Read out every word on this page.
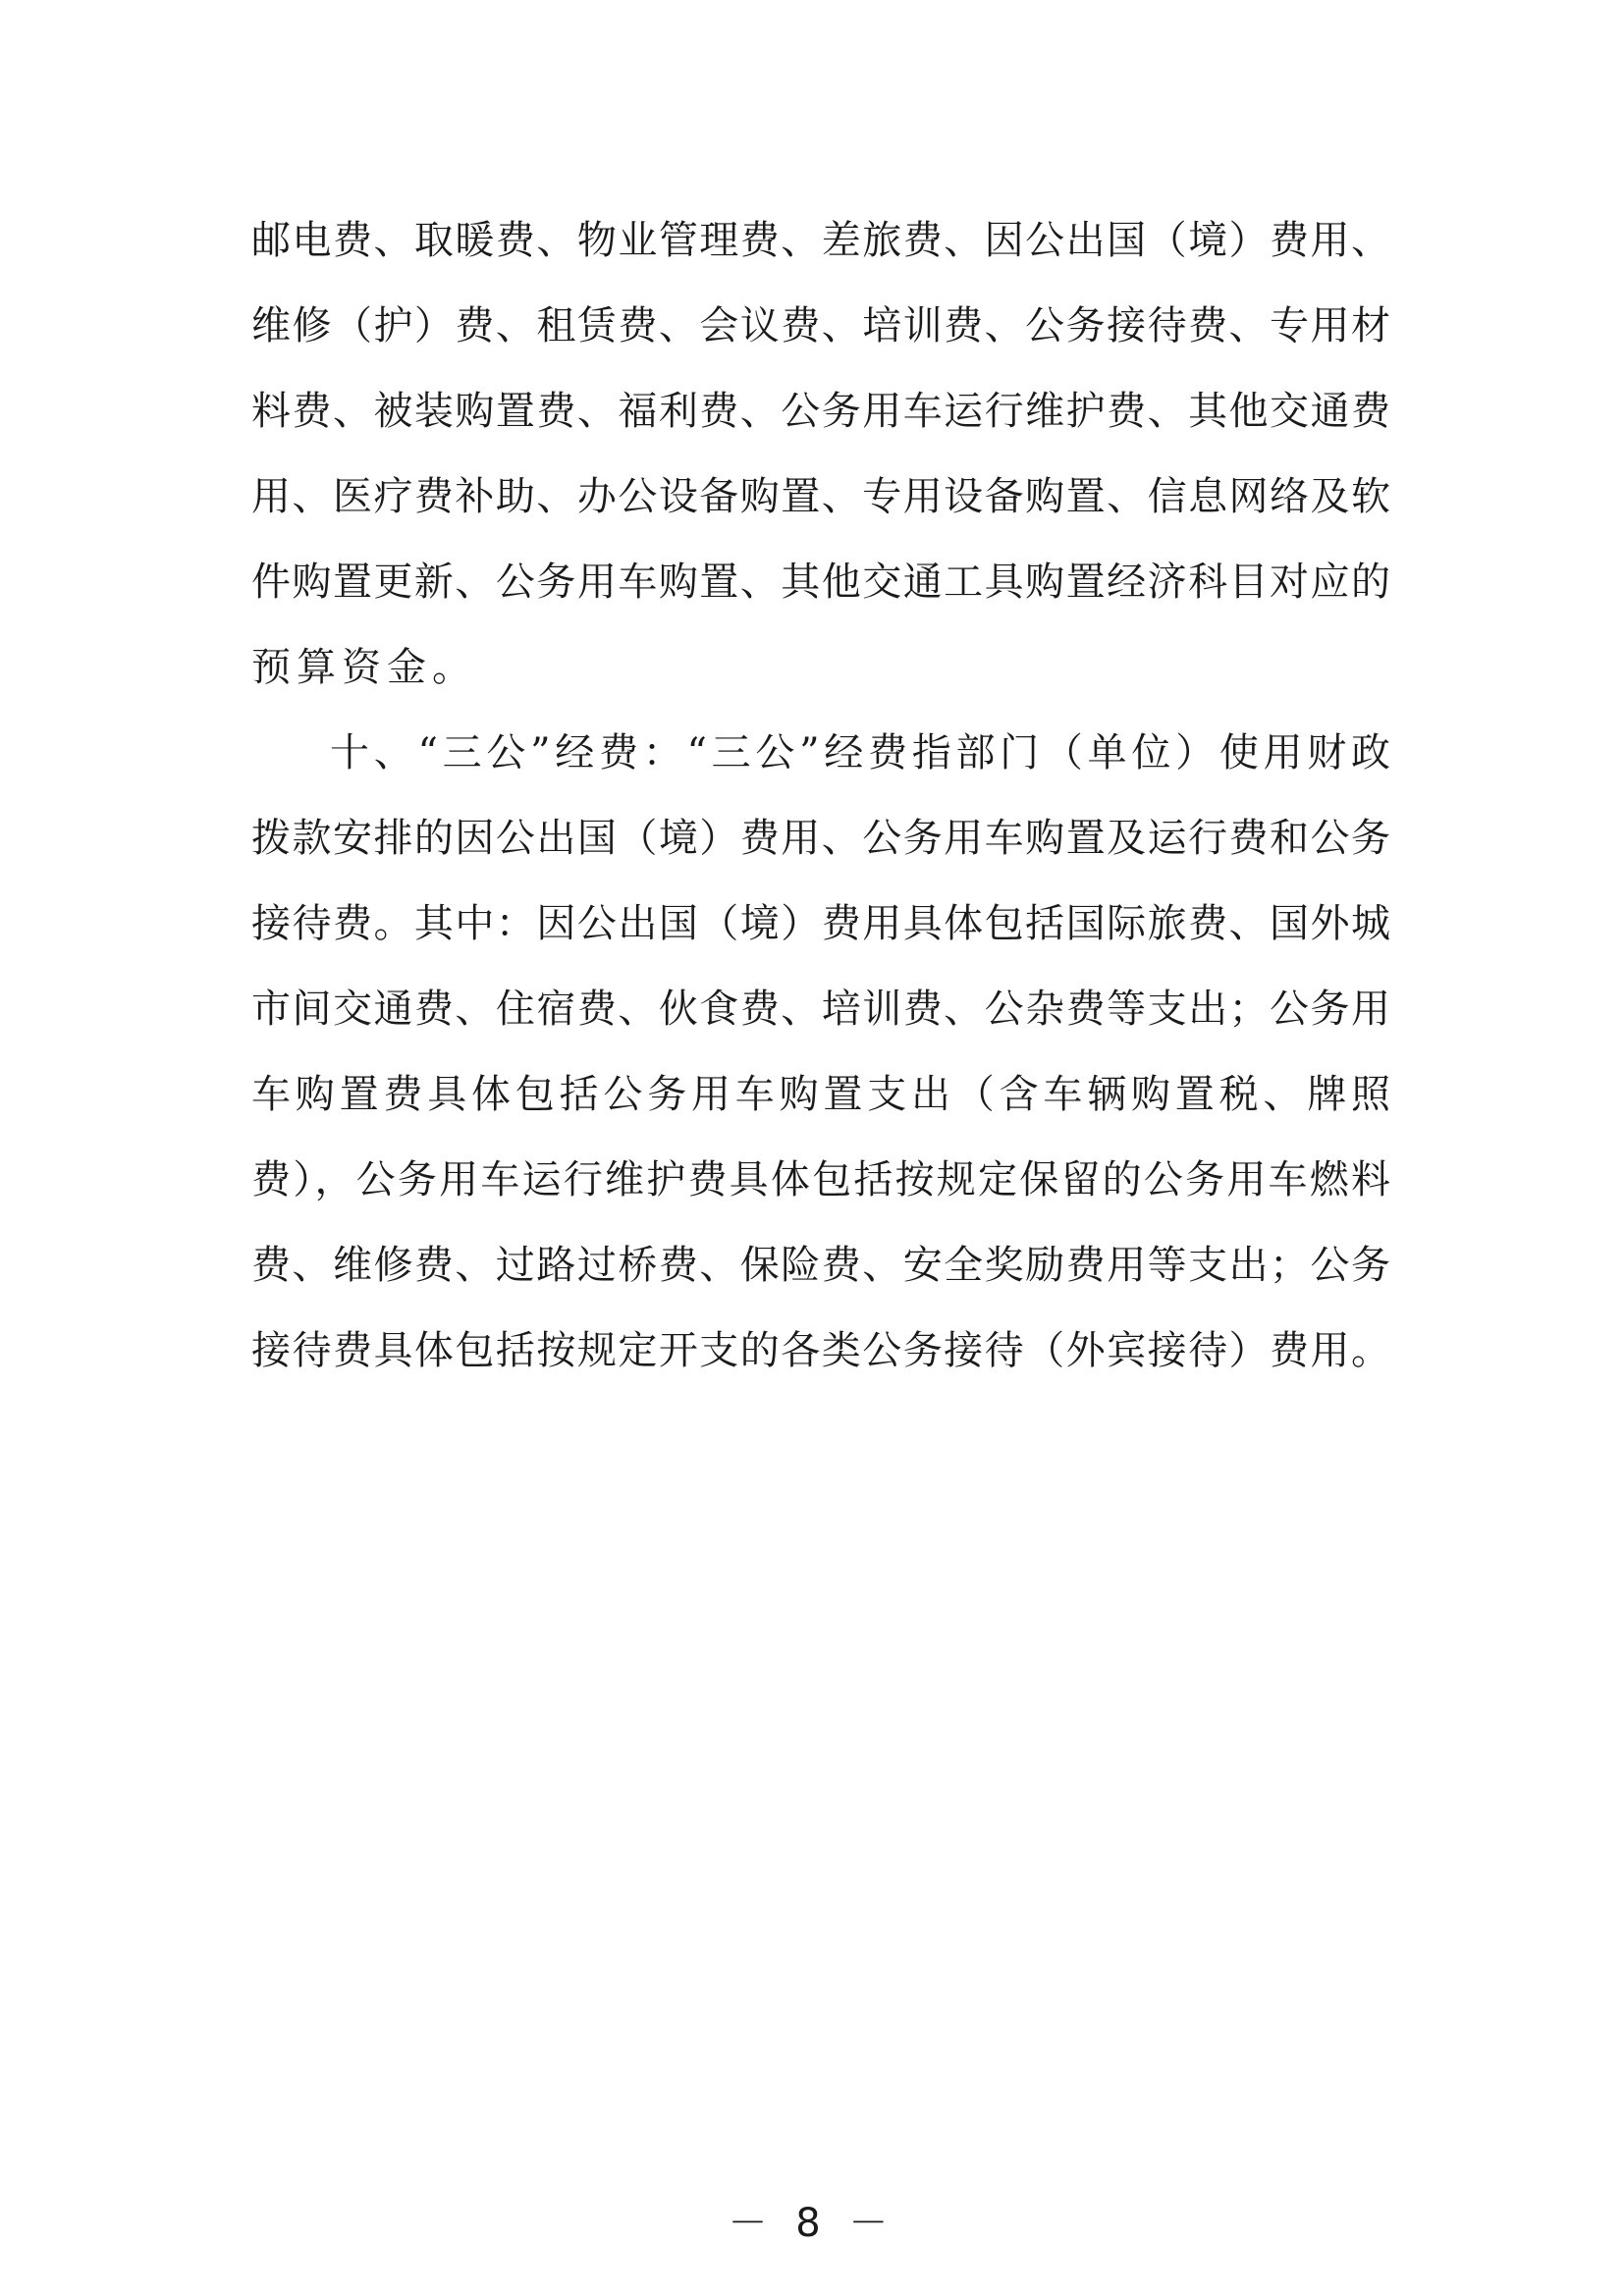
邮电费、取暖费、物业管理费、差旅费、因公出国（境）费用、
维修（护）费、租赁费、会议费、培训费、公务接待费、专用材
料费、被装购置费、福利费、公务用车运行维护费、其他交通费
用、医疗费补助、办公设备购置、专用设备购置、信息网络及软
件购置更新、公务用车购置、其他交通工具购置经济科目对应的
预算资金。
十、“三公”经费：“三公”经费指部门（单位）使用财政
拨款安排的因公出国（境）费用、公务用车购置及运行费和公务
接待费。其中：因公出国（境）费用具体包括国际旅费、国外城
市间交通费、住宿费、伙食费、培训费、公杂费等支出；公务用
车购置费具体包括公务用车购置支出（含车辆购置税、牌照
费），公务用车运行维护费具体包括按规定保留的公务用车燃料
费、维修费、过路过桥费、保险费、安全奖励费用等支出；公务
接待费具体包括按规定开支的各类公务接待（外宾接待）费用。
－ 8 －
